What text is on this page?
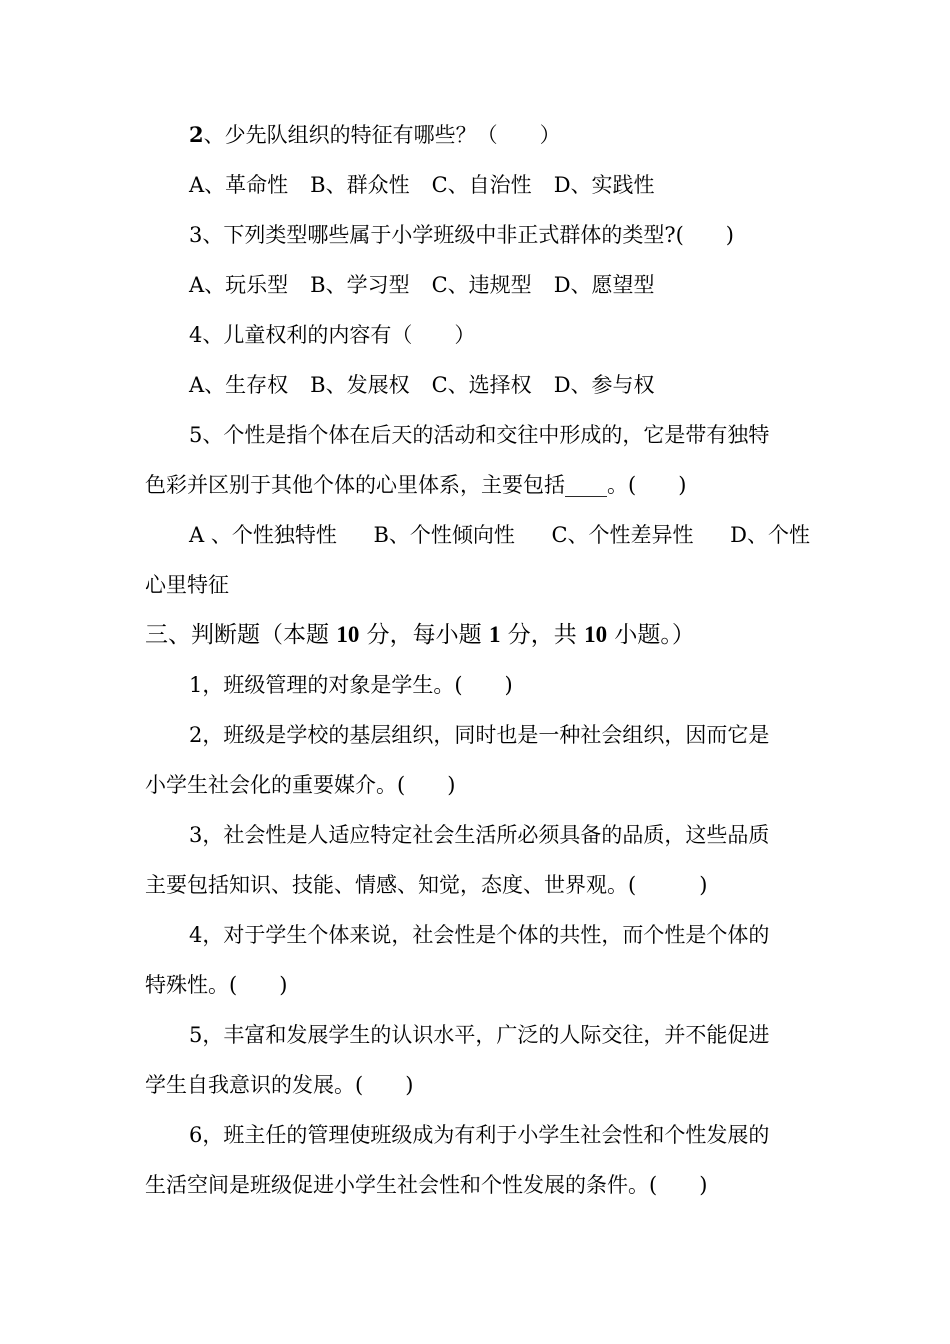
2、少先队组织的特征有哪些？（　　）
A、革命性 B、群众性 C、自治性 D、实践性
3、下列类型哪些属于小学班级中非正式群体的类型?(　　)
A、玩乐型 B、学习型 C、违规型 D、愿望型
4、儿童权利的内容有（　　）
A、生存权 B、发展权 C、选择权 D、参与权
5、个性是指个体在后天的活动和交往中形成的，它是带有独特
色彩并区别于其他个体的心里体系，主要包括____。(　　)
A 、个性独特性 B、个性倾向性 C、个性差异性 D、个性
心里特征
三、判断题（本题 10 分，每小题 1 分，共 10 小题。）
1，班级管理的对象是学生。(　　)
2，班级是学校的基层组织，同时也是一种社会组织，因而它是
小学生社会化的重要媒介。(　　)
3，社会性是人适应特定社会生活所必须具备的品质，这些品质
主要包括知识、技能、情感、知觉，态度、世界观。(　　　)
4，对于学生个体来说，社会性是个体的共性，而个性是个体的
特殊性。(　　)
5，丰富和发展学生的认识水平，广泛的人际交往，并不能促进
学生自我意识的发展。(　　)
6，班主任的管理使班级成为有利于小学生社会性和个性发展的
生活空间是班级促进小学生社会性和个性发展的条件。(　　)
